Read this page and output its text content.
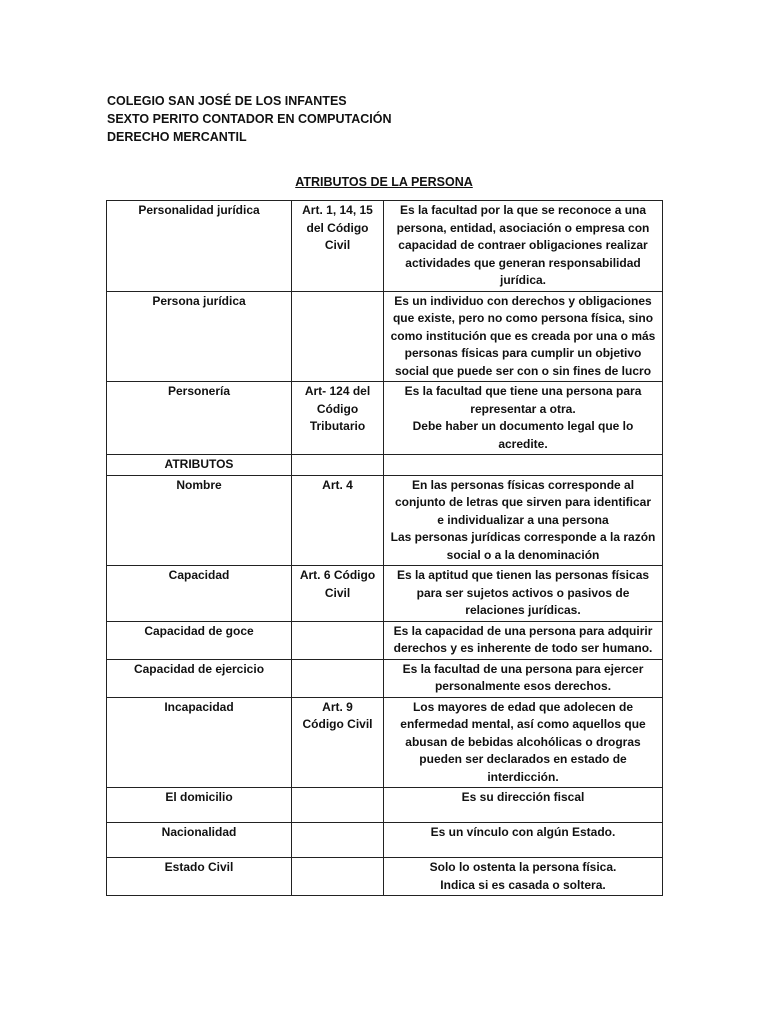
COLEGIO SAN JOSÉ DE LOS INFANTES
SEXTO PERITO CONTADOR EN COMPUTACIÓN
DERECHO MERCANTIL
ATRIBUTOS DE LA PERSONA
Personalidad jurídica	Art. 1, 14, 15
del Código
Civil	Es la facultad por la que se reconoce a una
persona, entidad, asociación o empresa con
capacidad de contraer obligaciones realizar
actividades que generan responsabilidad
jurídica.

Persona jurídica		Es un individuo con derechos y obligaciones
que existe, pero no como persona física, sino
como institución que es creada por una o más
personas físicas para cumplir un objetivo
social que puede ser con o sin fines de lucro

Personería	Art- 124 del
Código
Tributario	Es la facultad que tiene una persona para
representar a otra.
Debe haber un documento legal que lo
acredite.

ATRIBUTOS		

Nombre	Art. 4	En las personas físicas corresponde al
conjunto de letras que sirven para identificar
e individualizar a una persona
Las personas jurídicas corresponde a la razón
social o a la denominación

Capacidad	Art. 6 Código
Civil	Es la aptitud que tienen las personas físicas
para ser sujetos activos o pasivos de
relaciones jurídicas.

Capacidad de goce		Es la capacidad de una persona para adquirir
derechos y es inherente de todo ser humano.

Capacidad de ejercicio		Es la facultad de una persona para ejercer
personalmente esos derechos.

Incapacidad	Art. 9
Código Civil	Los mayores de edad que adolecen de
enfermedad mental, así como aquellos que
abusan de bebidas alcohólicas o drogras
pueden ser declarados en estado de
interdicción.

El domicilio		Es su dirección fiscal

Nacionalidad		Es un vínculo con algún Estado.

Estado Civil		Solo lo ostenta la persona física.
Indica si es casada o soltera.
